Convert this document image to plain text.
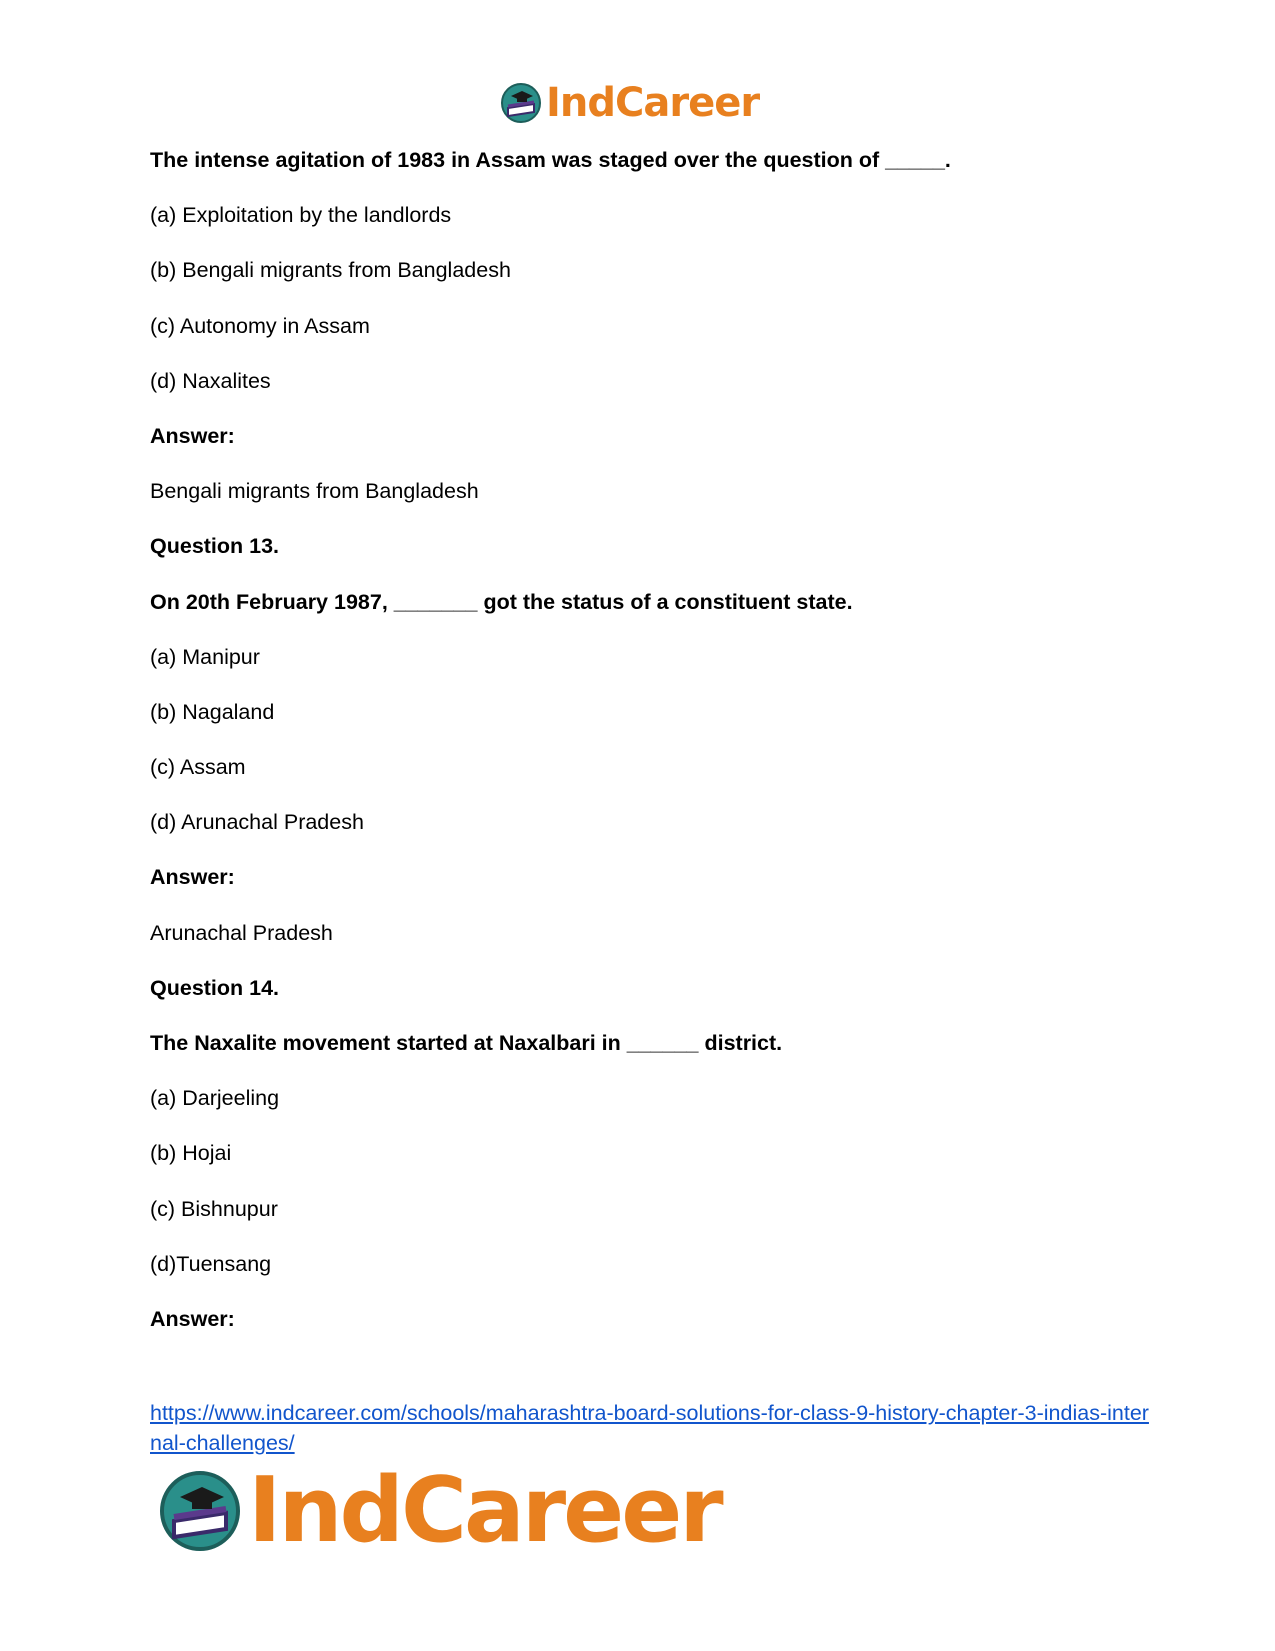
IndCareer
The intense agitation of 1983 in Assam was staged over the question of _____.
(a) Exploitation by the landlords
(b) Bengali migrants from Bangladesh
(c) Autonomy in Assam
(d) Naxalites
Answer:
Bengali migrants from Bangladesh
Question 13.
On 20th February 1987, _______ got the status of a constituent state.
(a) Manipur
(b) Nagaland
(c) Assam
(d) Arunachal Pradesh
Answer:
Arunachal Pradesh
Question 14.
The Naxalite movement started at Naxalbari in ______ district.
(a) Darjeeling
(b) Hojai
(c) Bishnupur
(d)Tuensang
Answer:
https://www.indcareer.com/schools/maharashtra-board-solutions-for-class-9-history-chapter-3-indias-internal-challenges/
IndCareer
